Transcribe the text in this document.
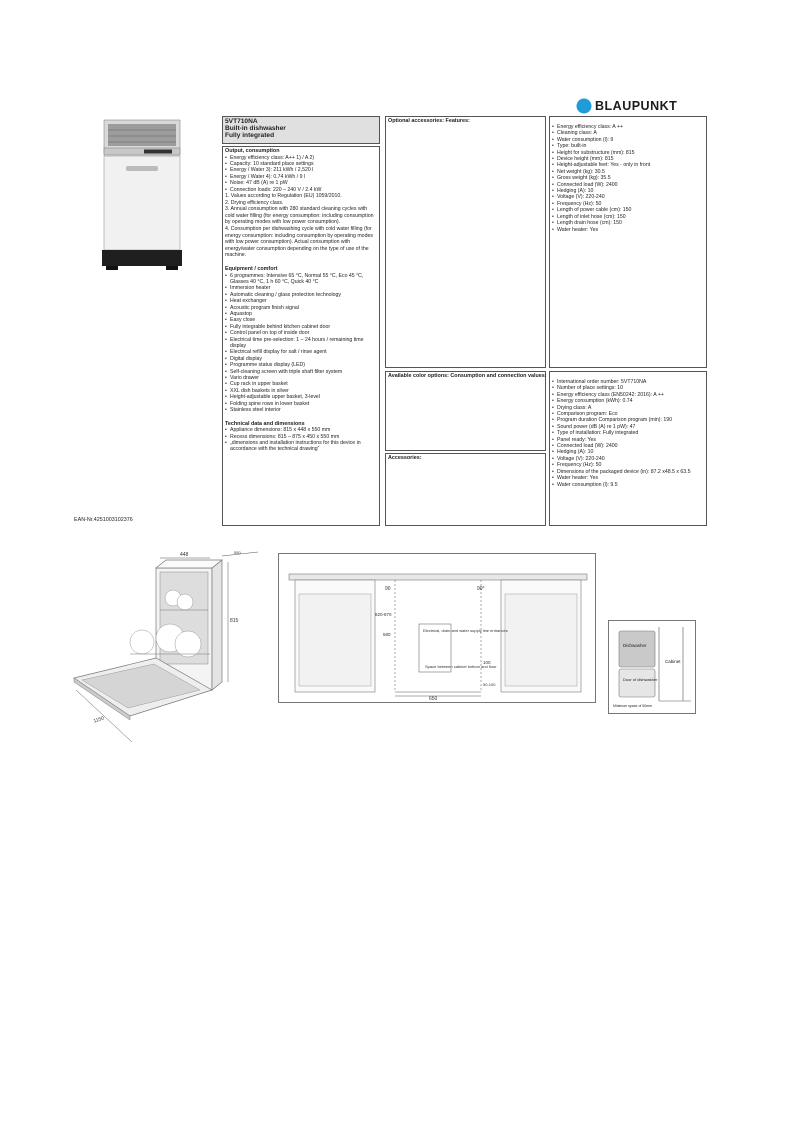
BLAUPUNKT
5VT710NA
Built-in dishwasher
Fully integrated
Output, consumption
• Energy efficiency class: A++ 1) / A 2)
• Capacity: 10 standard place settings
• Energy / Water 3): 211 kWh / 2,520 l
• Energy / Water 4): 0.74 kWh / 9 l
• Noise: 47 dB (A) re 1 pW
• Connection loads: 220 – 240 V / 2.4 kW
1. Values according to Regulation (EU) 1059/2010.
2. Drying efficiency class.
3. Annual consumption with 280 standard cleaning cycles with cold water filling (for energy consumption: including consumption by operating modes with low power consumption).
4. Consumption per dishwashing cycle with cold water filling (for energy consumption: including consumption by operating modes with low power consumption). Actual consumption with energy/water consumption depending on the type of use of the machine.
Equipment / comfort
• 6 programmes: Intensive 65 °C, Normal 55 °C, Eco 45 °C, Glasses 40 °C, 1 h 60 °C, Quick 40 °C
• Immersion heater
• Automatic cleaning / glass protection technology
• Heat exchanger
• Acoustic program finish signal
• Aquastop
• Easy close
• Fully integrable behind kitchen cabinet door
• Control panel on top of inside door
• Electrical time pre-selection: 1 – 24 hours / remaining time display
• Electrical refill display for salt / rinse agent
• Digital display
• Programme status display (LED)
• Self-cleaning screen with triple shaft filter system
• Vario drawer
• Cup rack in upper basket
• XXL dish baskets in silver
• Height-adjustable upper basket, 3-level
• Folding spine rows in lower basket
• Stainless steel interior
Technical data and dimensions
• Appliance dimensions: 815 x 448 x 550 mm
• Recess dimensions: 815 – 875 x 450 x 550 mm
• „dimensions and installation instructions for this device in accordance with the technical drawing“
Optional accessories: Features:
• Energy efficiency class: A ++
• Cleaning class: A
• Water consumption (l): 9
• Type: built-in
• Height for substructure (mm): 815
• Device height (mm): 815
• Height-adjustable feet: Yes - only in front
• Net weight (kg): 30.5
• Gross weight (kg): 35.5
• Connected load (W): 2400
• Hedging (A): 10
• Voltage (V): 220-240
• Frequency (Hz): 50
• Length of power cable (cm): 150
• Length of inlet hose (cm): 150
• Length drain hose (cm): 150
• Water heater: Yes
Available color options: Consumption and connection values:
• International order number: 5VT710NA
• Number of place settings: 10
• Energy efficiency class (EN50242: 2016): A ++
• Energy consumption (kWh): 0.74
• Drying class: A
• Comparison program: Eco
• Program duration Comparison program (min): 190
• Sound power (dB (A) re 1 pW): 47
• Type of installation: Fully integrated
• Panel ready: Yes
• Connected load (W): 2400
• Hedging (A): 10
• Voltage (V): 220-240
• Frequency (Hz): 50
• Dimensions of the packaged device (in): 87.2 x48.5 x 63.5
• Water heater: Yes
• Water consumption (l): 9.5
Accessories:
EAN-Nr.4251003102376
448
815
1150
550
90	90°
820-870
580
Electrical, drain and water supply line entrances
Space between cabinet bottom and floor
100
650
50-100
Dishwasher
Cabinet
Door of dishwasher
Minimum space of 50mm
